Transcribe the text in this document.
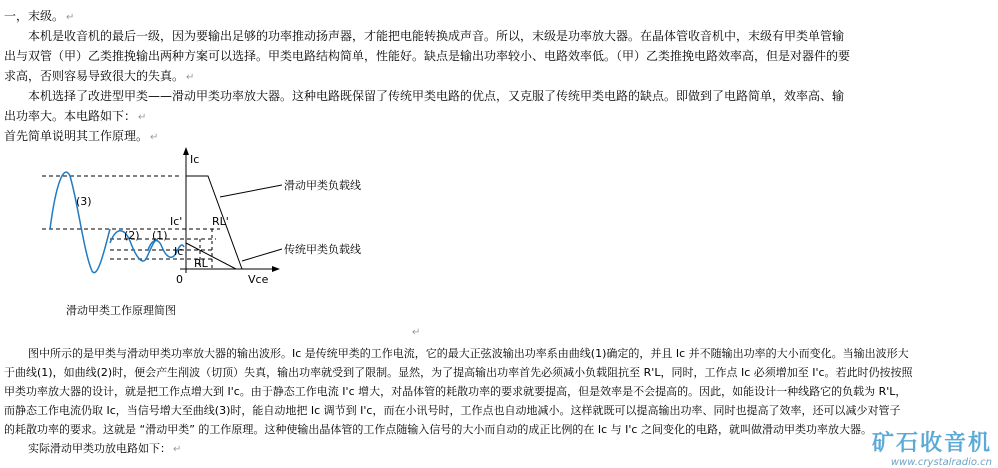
一，末级。 ↵
本机是收音机的最后一级，因为要输出足够的功率推动扬声器，才能把电能转换成声音。所以，末级是功率放大器。在晶体管收音机中，末级有甲类单管输
出与双管（甲）乙类推挽输出两种方案可以选择。甲类电路结构简单，性能好。缺点是输出功率较小、电路效率低。（甲）乙类推挽电路效率高，但是对器件的要
求高，否则容易导致很大的失真。 ↵
本机选择了改进型甲类——滑动甲类功率放大器。这种电路既保留了传统甲类电路的优点，又克服了传统甲类电路的缺点。即做到了电路简单，效率高、输
出功率大。本电路如下： ↵
首先简单说明其工作原理。 ↵
Ic
Vce
0
(3)
(2) (1)
Ic'
Ic
RL'
RL
滑动甲类负载线
传统甲类负载线
滑动甲类工作原理简图
↵
图中所示的是甲类与滑动甲类功率放大器的输出波形。Ic 是传统甲类的工作电流，它的最大正弦波输出功率系由曲线(1)确定的，并且 Ic 并不随输出功率的大小而变化。当输出波形大
于曲线(1)，如曲线(2)时，便会产生削波（切顶）失真，输出功率就受到了限制。显然，为了提高输出功率首先必须减小负载阻抗至 R'L，同时，工作点 Ic 必须增加至 I'c。若此时仍按按照
甲类功率放大器的设计，就是把工作点增大到 I'c。由于静态工作电流 I'c 增大，对晶体管的耗散功率的要求就要提高，但是效率是不会提高的。因此，如能设计一种线路它的负载为 R'L，
而静态工作电流仍取 Ic，当信号增大至曲线(3)时，能自动地把 Ic 调节到 I'c，而在小讯号时，工作点也自动地减小。这样就既可以提高输出功率、同时也提高了效率，还可以减少对管子
的耗散功率的要求。这就是 “滑动甲类” 的工作原理。这种使输出晶体管的工作点随输入信号的大小而自动的成正比例的在 Ic 与 I'c 之间变化的电路，就叫做滑动甲类功率放大器。
实际滑动甲类功放电路如下： ↵	矿石收音机
www.crystalradio.cn
